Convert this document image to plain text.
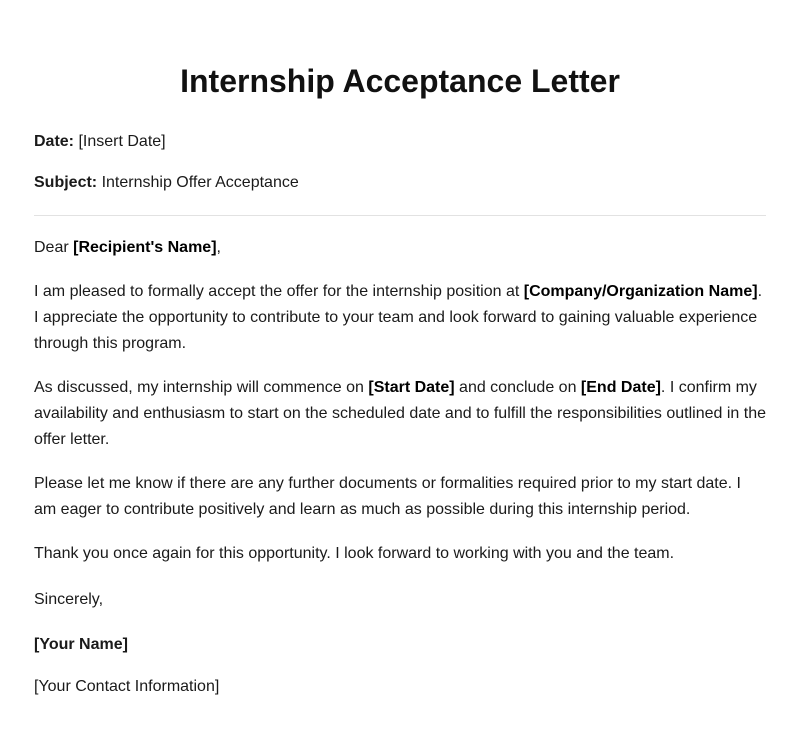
Internship Acceptance Letter

Date: [Insert Date]

Subject: Internship Offer Acceptance

Dear [Recipient's Name],

I am pleased to formally accept the offer for the internship position at [Company/Organization Name]. I appreciate the opportunity to contribute to your team and look forward to gaining valuable experience through this program.

As discussed, my internship will commence on [Start Date] and conclude on [End Date]. I confirm my availability and enthusiasm to start on the scheduled date and to fulfill the responsibilities outlined in the offer letter.

Please let me know if there are any further documents or formalities required prior to my start date. I am eager to contribute positively and learn as much as possible during this internship period.

Thank you once again for this opportunity. I look forward to working with you and the team.

Sincerely,

[Your Name]

[Your Contact Information]
